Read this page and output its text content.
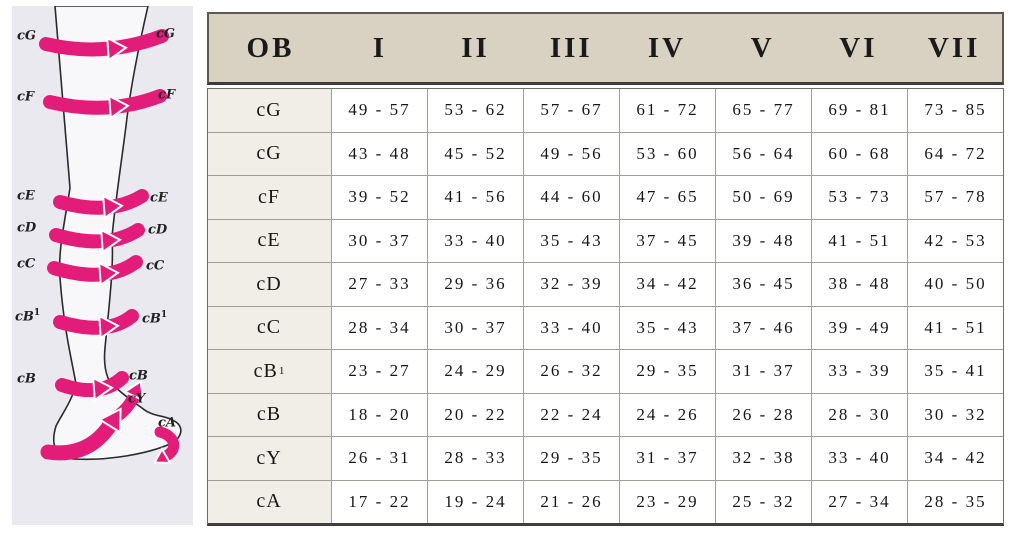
cG	cG
cF	cF
cE	cE
cD	cD
cC	cC
$cB^1$	$cB^1$
cB	cB
cY
cA
OB	I	II	III	IV	V	VI	VII
cG	49 - 57	53 - 62	57 - 67	61 - 72	65 - 77	69 - 81	73 - 85
cG	43 - 48	45 - 52	49 - 56	53 - 60	56 - 64	60 - 68	64 - 72
cF	39 - 52	41 - 56	44 - 60	47 - 65	50 - 69	53 - 73	57 - 78
cE	30 - 37	33 - 40	35 - 43	37 - 45	39 - 48	41 - 51	42 - 53
cD	27 - 33	29 - 36	32 - 39	34 - 42	36 - 45	38 - 48	40 - 50
cC	28 - 34	30 - 37	33 - 40	35 - 43	37 - 46	39 - 49	41 - 51
cB 1	23 - 27	24 - 29	26 - 32	29 - 35	31 - 37	33 - 39	35 - 41
cB	18 - 20	20 - 22	22 - 24	24 - 26	26 - 28	28 - 30	30 - 32
cY	26 - 31	28 - 33	29 - 35	31 - 37	32 - 38	33 - 40	34 - 42
cA	17 - 22	19 - 24	21 - 26	23 - 29	25 - 32	27 - 34	28 - 35
